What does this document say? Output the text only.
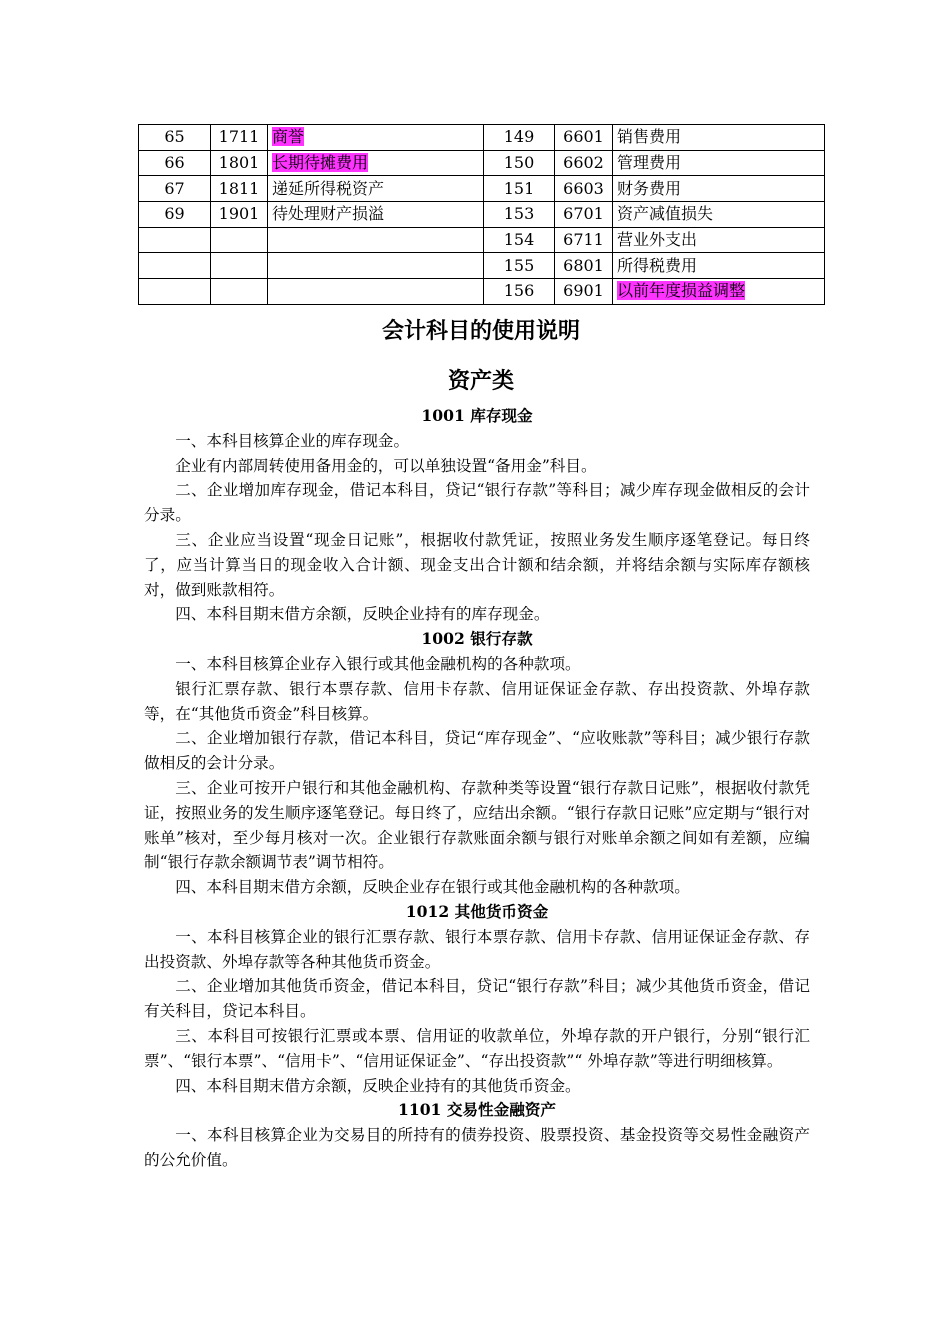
65	1711	商誉	149	6601	销售费用
66	1801	长期待摊费用	150	6602	管理费用
67	1811	递延所得税资产	151	6603	财务费用
69	1901	待处理财产损溢	153	6701	资产减值损失
			154	6711	营业外支出
			155	6801	所得税费用
			156	6901	以前年度损益调整
会计科目的使用说明
资产类
1001 库存现金

一、本科目核算企业的库存现金。

企业有内部周转使用备用金的，可以单独设置“备用金”科目。

二、企业增加库存现金，借记本科目，贷记“银行存款”等科目；减少库存现金做相反的会计分录。

三、企业应当设置“现金日记账”，根据收付款凭证，按照业务发生顺序逐笔登记。每日终了，应当计算当日的现金收入合计额、现金支出合计额和结余额，并将结余额与实际库存额核对，做到账款相符。

四、本科目期末借方余额，反映企业持有的库存现金。

1002 银行存款

一、本科目核算企业存入银行或其他金融机构的各种款项。

银行汇票存款、银行本票存款、信用卡存款、信用证保证金存款、存出投资款、外埠存款等，在“其他货币资金”科目核算。

二、企业增加银行存款，借记本科目，贷记“库存现金”、“应收账款”等科目；减少银行存款做相反的会计分录。

三、企业可按开户银行和其他金融机构、存款种类等设置“银行存款日记账”，根据收付款凭证，按照业务的发生顺序逐笔登记。每日终了，应结出余额。“银行存款日记账”应定期与“银行对账单”核对，至少每月核对一次。企业银行存款账面余额与银行对账单余额之间如有差额，应编制“银行存款余额调节表”调节相符。

四、本科目期末借方余额，反映企业存在银行或其他金融机构的各种款项。

1012 其他货币资金

一、本科目核算企业的银行汇票存款、银行本票存款、信用卡存款、信用证保证金存款、存出投资款、外埠存款等各种其他货币资金。

二、企业增加其他货币资金，借记本科目，贷记“银行存款”科目；减少其他货币资金，借记有关科目，贷记本科目。

三、本科目可按银行汇票或本票、信用证的收款单位，外埠存款的开户银行，分别“银行汇票”、“银行本票”、“信用卡”、“信用证保证金”、“存出投资款”“ 外埠存款”等进行明细核算。

四、本科目期末借方余额，反映企业持有的其他货币资金。

1101 交易性金融资产

一、本科目核算企业为交易目的所持有的债券投资、股票投资、基金投资等交易性金融资产的公允价值。
